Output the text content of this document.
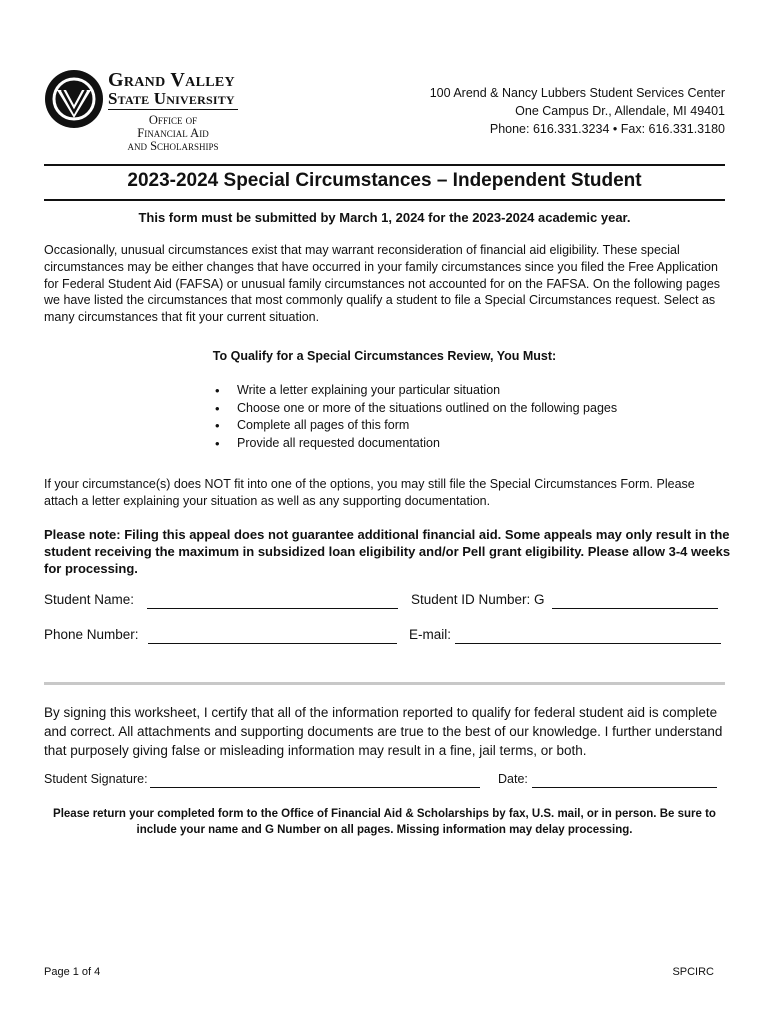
Grand Valley
State University
Office of
Financial Aid
and Scholarships
100 Arend & Nancy Lubbers Student Services Center
One Campus Dr., Allendale, MI 49401
Phone: 616.331.3234 • Fax: 616.331.3180
2023-2024 Special Circumstances – Independent Student
This form must be submitted by March 1, 2024 for the 2023-2024 academic year.
Occasionally, unusual circumstances exist that may warrant reconsideration of financial aid eligibility. These special circumstances may be either changes that have occurred in your family circumstances since you filed the Free Application for Federal Student Aid (FAFSA) or unusual family circumstances not accounted for on the FAFSA. On the following pages we have listed the circumstances that most commonly qualify a student to file a Special Circumstances request. Select as many circumstances that fit your current situation.
To Qualify for a Special Circumstances Review, You Must:
• Write a letter explaining your particular situation
• Choose one or more of the situations outlined on the following pages
• Complete all pages of this form
• Provide all requested documentation
If your circumstance(s) does NOT fit into one of the options, you may still file the Special Circumstances Form. Please attach a letter explaining your situation as well as any supporting documentation.
Please note: Filing this appeal does not guarantee additional financial aid. Some appeals may only result in the student receiving the maximum in subsidized loan eligibility and/or Pell grant eligibility. Please allow 3-4 weeks for processing.
Student Name:	Student ID Number: G
Phone Number:	E-mail:
By signing this worksheet, I certify that all of the information reported to qualify for federal student aid is complete and correct. All attachments and supporting documents are true to the best of our knowledge. I further understand that purposely giving false or misleading information may result in a fine, jail terms, or both.
Student Signature:	Date:
Please return your completed form to the Office of Financial Aid & Scholarships by fax, U.S. mail, or in person. Be sure to include your name and G Number on all pages. Missing information may delay processing.
Page 1 of 4	SPCIRC
